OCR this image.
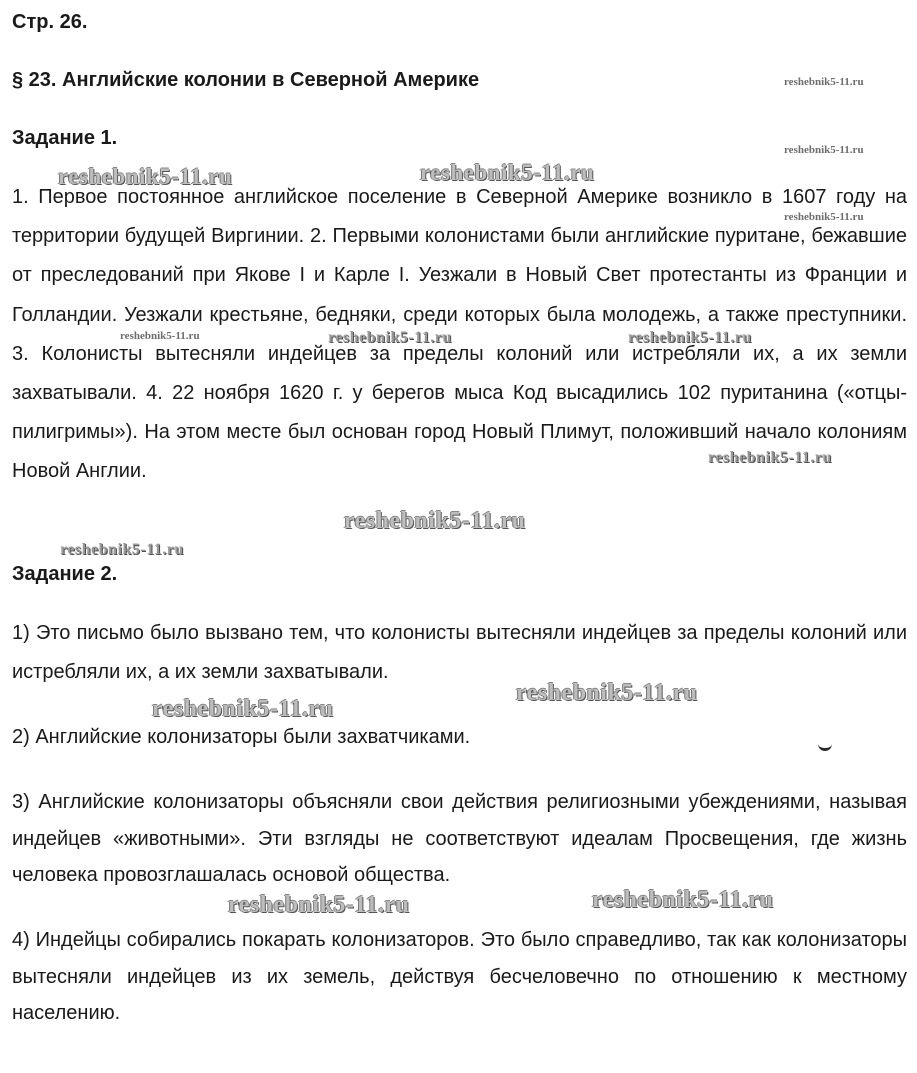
Стр. 26.
§ 23. Английские колонии в Северной Америке
Задание 1.

1. Первое постоянное английское поселение в Северной Америке возникло в 1607 году на территории будущей Виргинии. 2. Первыми колонистами были английские пуритане, бежавшие от преследований при Якове I и Карле I. Уезжали в Новый Свет протестанты из Франции и Голландии. Уезжали крестьяне, бедняки, среди которых была молодежь, а также преступники. 3. Колонисты вытесняли индейцев за пределы колоний или истребляли их, а их земли захватывали. 4. 22 ноября 1620 г. у берегов мыса Код высадились 102 пуританина («отцы-пилигримы»). На этом месте был основан город Новый Плимут, положивший начало колониям Новой Англии.

Задание 2.

1) Это письмо было вызвано тем, что колонисты вытесняли индейцев за пределы колоний или истребляли их, а их земли захватывали.

2) Английские колонизаторы были захватчиками.

3) Английские колонизаторы объясняли свои действия религиозными убеждениями, называя индейцев «животными». Эти взгляды не соответствуют идеалам Просвещения, где жизнь человека провозглашалась основой общества.

4) Индейцы собирались покарать колонизаторов. Это было справедливо, так как колонизаторы вытесняли индейцев из их земель, действуя бесчеловечно по отношению к местному населению.

reshebnik5-11.ru
reshebnik5-11.ru
reshebnik5-11.ru
reshebnik5-11.ru	reshebnik5-11.ru
reshebnik5-11.ru	reshebnik5-11.ru	reshebnik5-11.ru
reshebnik5-11.ru
reshebnik5-11.ru
reshebnik5-11.ru
reshebnik5-11.ru
reshebnik5-11.ru
reshebnik5-11.ru	reshebnik5-11.ru
